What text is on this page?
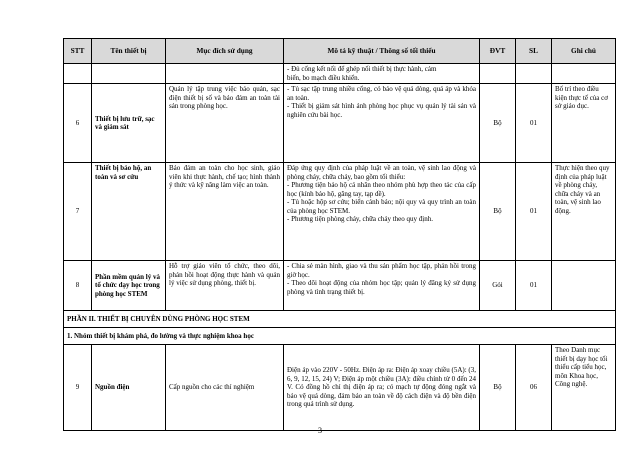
STT	Tên thiết bị	Mục đích sử dụng	Mô tả kỹ thuật / Thông số tối thiểu	ĐVT	SL	Ghi chú

			- Đủ cổng kết nối để ghép nối thiết bị thực hành, cảm
biến, bo mạch điều khiển.			

6	Thiết bị lưu trữ, sạc và giám sát	Quản lý tập trung việc bảo quản, sạc điện thiết bị số và bảo đảm an toàn tài sản trong phòng học.	- Tủ sạc tập trung nhiều cổng, có bảo vệ quá dòng, quá áp và khóa an toàn.
- Thiết bị giám sát hình ảnh phòng học phục vụ quản lý tài sản và nghiên cứu bài học.	Bộ	01	Bố trí theo điều kiện thực tế của cơ sở giáo dục.
7	Thiết bị bảo hộ, an toàn và sơ cứu	Bảo đảm an toàn cho học sinh, giáo viên khi thực hành, chế tạo; hình thành ý thức và kỹ năng làm việc an toàn.	Đáp ứng quy định của pháp luật về an toàn, vệ sinh lao động và phòng cháy, chữa cháy, bao gồm tối thiểu:
- Phương tiện bảo hộ cá nhân theo nhóm phù hợp theo tác của cấp học (kính bảo hộ, găng tay, tạp dề).
- Tủ hoặc hộp sơ cứu; biển cảnh báo; nội quy và quy trình an toàn của phòng học STEM.
- Phương tiện phòng cháy, chữa cháy theo quy định.	Bộ	01	Thực hiện theo quy định của pháp luật về phòng cháy, chữa cháy và an toàn, vệ sinh lao động.
8	Phần mềm quản lý và tổ chức dạy học trong phòng học STEM	Hỗ trợ giáo viên tổ chức, theo dõi, phản hồi hoạt động thực hành và quản lý việc sử dụng phòng, thiết bị.	- Chia sẻ màn hình, giao và thu sản phẩm học tập, phản hồi trong giờ học.
- Theo dõi hoạt động của nhóm học tập; quản lý đăng ký sử dụng phòng và tình trạng thiết bị.	Gói	01	
PHẦN II. THIẾT BỊ CHUYÊN DÙNG PHÒNG HỌC STEM						
1. Nhóm thiết bị khám phá, đo lường và thực nghiệm khoa học						
9	Nguồn điện	Cấp nguồn cho các thí nghiệm	Điện áp vào 220V - 50Hz. Điện áp ra: Điện áp xoay chiều (5A): (3, 6, 9, 12, 15, 24) V; Điện áp một chiều (3A): điều chỉnh từ 0 đến 24 V. Có đồng hồ chỉ thị điện áp ra; có mạch tự động đóng ngắt và bảo vệ quá dòng, đảm bảo an toàn về độ cách điện và độ bền điện trong quá trình sử dụng.	Bộ	06	Theo Danh mục thiết bị dạy học tối thiểu cấp tiểu học, môn Khoa học, Công nghệ.
3
